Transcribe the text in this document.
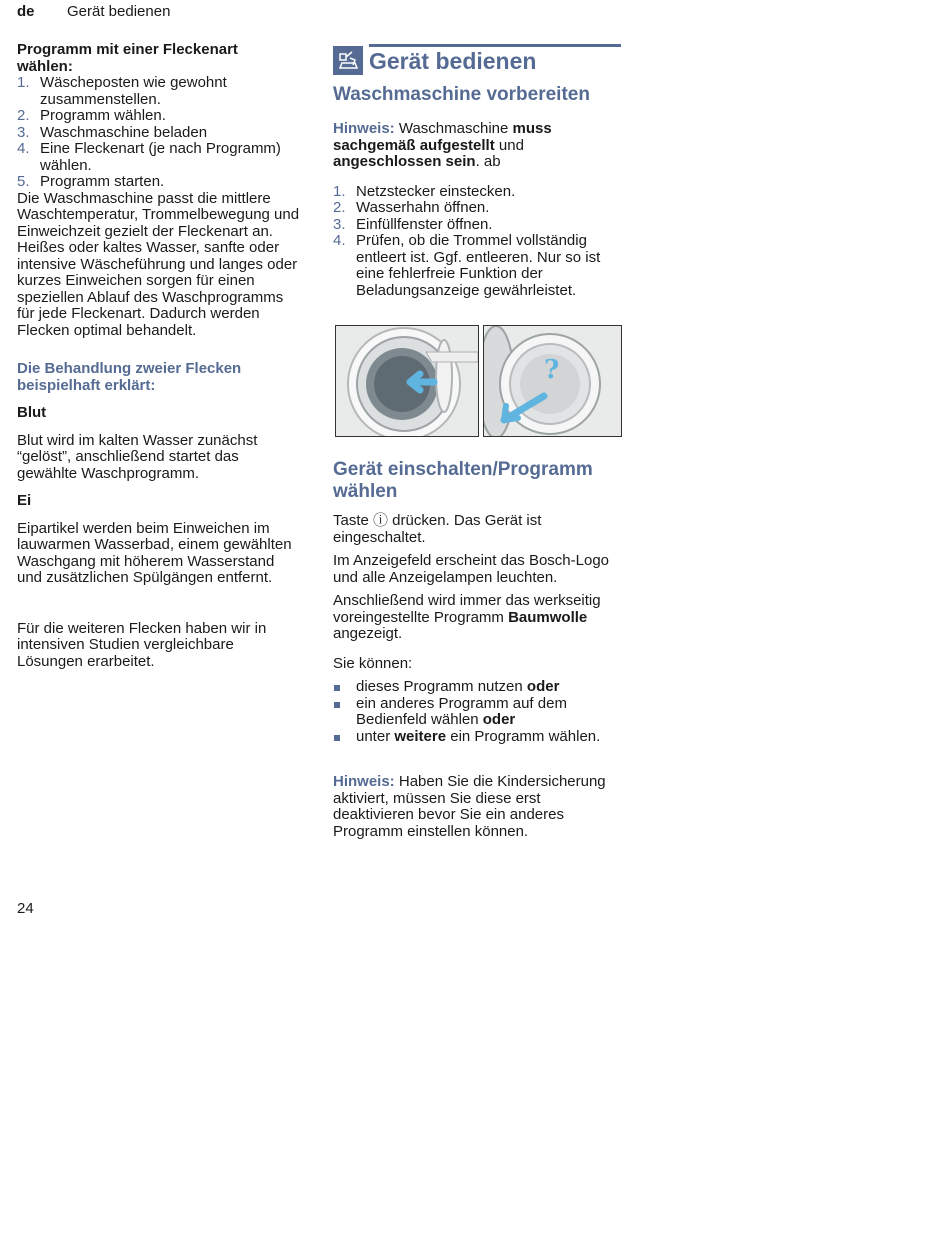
de Gerät bedienen
Programm mit einer Fleckenart
wählen:
1. Wäscheposten wie gewohnt zusammenstellen.
2. Programm wählen.
3. Waschmaschine beladen
4. Eine Fleckenart (je nach Programm) wählen.
5. Programm starten.

Die Waschmaschine passt die mittlere Waschtemperatur, Trommelbewegung und Einweichzeit gezielt der Fleckenart an. Heißes oder kaltes Wasser, sanfte oder intensive Wäscheführung und langes oder kurzes Einweichen sorgen für einen speziellen Ablauf des Waschprogramms für jede Fleckenart. Dadurch werden Flecken optimal behandelt.

Die Behandlung zweier Flecken beispielhaft erklärt:

Blut

Blut wird im kalten Wasser zunächst “gelöst”, anschließend startet das gewählte Waschprogramm.

Ei

Eipartikel werden beim Einweichen im lauwarmen Wasserbad, einem gewählten Waschgang mit höherem Wasserstand und zusätzlichen Spülgängen entfernt.

Für die weiteren Flecken haben wir in intensiven Studien vergleichbare Lösungen erarbeitet.

Gerät bedienen
Waschmaschine vorbereiten

Hinweis: Waschmaschine muss sachgemäß aufgestellt und angeschlossen sein. ab

1. Netzstecker einstecken.
2. Wasserhahn öffnen.
3. Einfüllfenster öffnen.
4. Prüfen, ob die Trommel vollständig entleert ist. Ggf. entleeren. Nur so ist eine fehlerfreie Funktion der Beladungsanzeige gewährleistet.
?
Gerät einschalten/Programm wählen

Taste ⓘ drücken. Das Gerät ist eingeschaltet.

Im Anzeigefeld erscheint das Bosch-Logo und alle Anzeigelampen leuchten.

Anschließend wird immer das werkseitig voreingestellte Programm Baumwolle angezeigt.

Sie können:

dieses Programm nutzen oder
ein anderes Programm auf dem Bedienfeld wählen oder
unter weitere ein Programm wählen.

Hinweis: Haben Sie die Kindersicherung aktiviert, müssen Sie diese erst deaktivieren bevor Sie ein anderes Programm einstellen können.

24
